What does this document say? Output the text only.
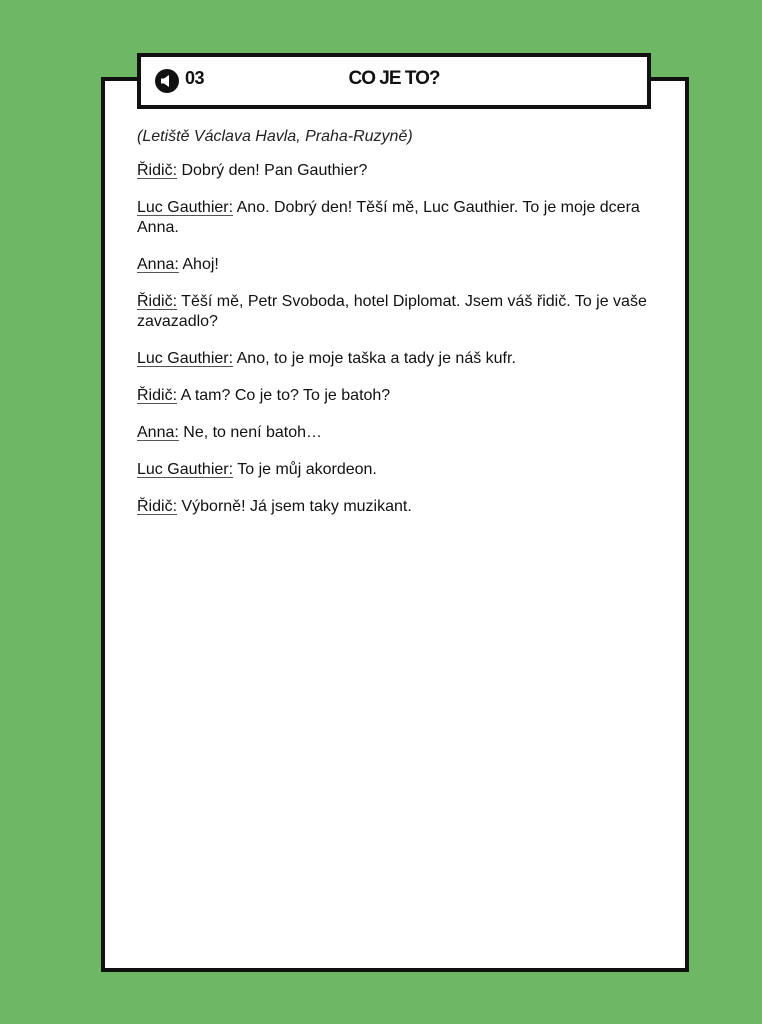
03	CO JE TO?

(Letiště Václava Havla, Praha-Ruzyně)

Řidič: Dobrý den! Pan Gauthier?

Luc Gauthier: Ano. Dobrý den! Těší mě, Luc Gauthier. To je moje dcera Anna.

Anna: Ahoj!

Řidič: Těší mě, Petr Svoboda, hotel Diplomat. Jsem váš řidič. To je vaše zavazadlo?

Luc Gauthier: Ano, to je moje taška a tady je náš kufr.

Řidič: A tam? Co je to? To je batoh?

Anna: Ne, to není batoh…

Luc Gauthier: To je můj akordeon.

Řidič: Výborně! Já jsem taky muzikant.
